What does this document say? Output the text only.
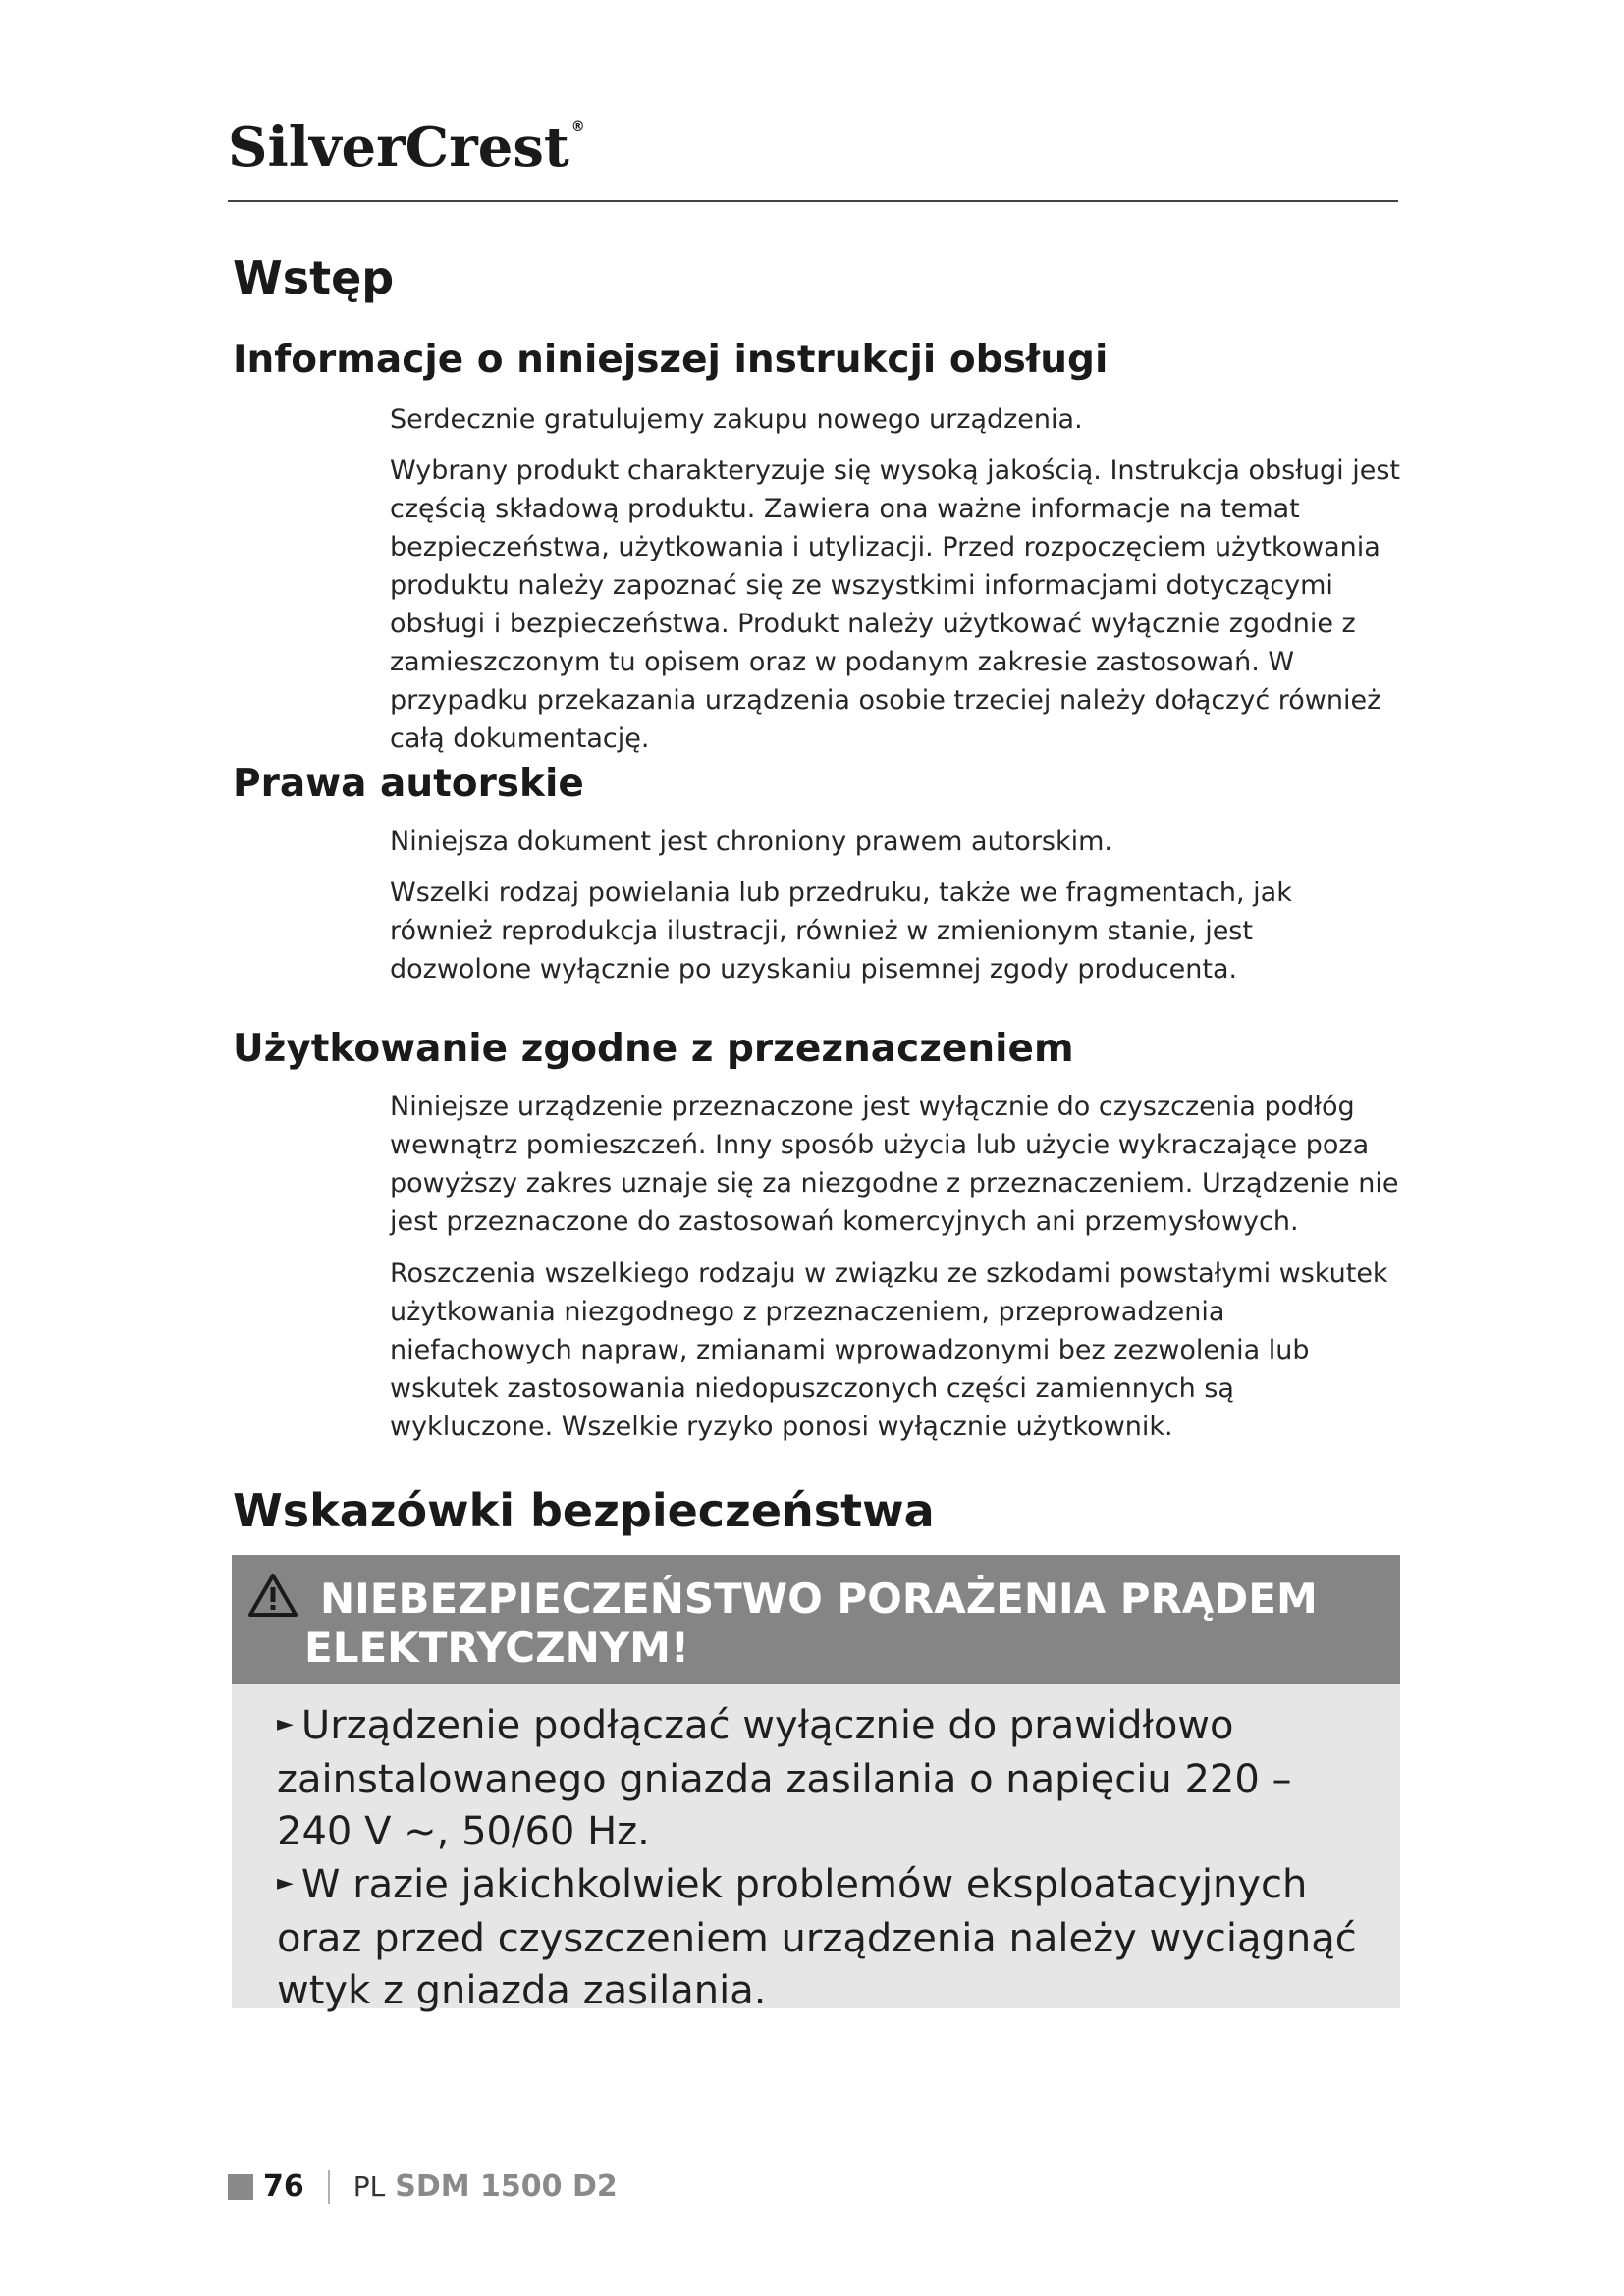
SilverCrest ®
Wstęp
Informacje o niniejszej instrukcji obsługi

Serdecznie gratulujemy zakupu nowego urządzenia.

Wybrany produkt charakteryzuje się wysoką jakością. Instrukcja obsługi jest częścią składową produktu. Zawiera ona ważne informacje na temat bezpieczeństwa, użytkowania i utylizacji. Przed rozpoczęciem użytkowania produktu należy zapoznać się ze wszystkimi informacjami dotyczącymi obsługi i bezpieczeństwa. Produkt należy użytkować wyłącznie zgodnie z zamieszczonym tu opisem oraz w podanym zakresie zastosowań. W przypadku przekazania urządzenia osobie trzeciej należy dołączyć również całą dokumentację.

Prawa autorskie

Niniejsza dokument jest chroniony prawem autorskim.

Wszelki rodzaj powielania lub przedruku, także we fragmentach, jak również reprodukcja ilustracji, również w zmienionym stanie, jest dozwolone wyłącznie po uzyskaniu pisemnej zgody producenta.

Użytkowanie zgodne z przeznaczeniem

Niniejsze urządzenie przeznaczone jest wyłącznie do czyszczenia podłóg wewnątrz pomieszczeń. Inny sposób użycia lub użycie wykraczające poza powyższy zakres uznaje się za niezgodne z przeznaczeniem. Urządzenie nie jest przeznaczone do zastosowań komercyjnych ani przemysłowych.

Roszczenia wszelkiego rodzaju w związku ze szkodami powstałymi wskutek użytkowania niezgodnego z przeznaczeniem, przeprowadzenia niefachowych napraw, zmianami wprowadzonymi bez zezwolenia lub wskutek zastosowania niedopuszczonych części zamiennych są wykluczone. Wszelkie ryzyko ponosi wyłącznie użytkownik.

Wskazówki bezpieczeństwa
NIEBEZPIECZEŃSTWO PORAŻENIA PRĄDEM
ELEKTRYCZNYM!
► Urządzenie podłączać wyłącznie do prawidłowo zainstalowanego gniazda zasilania o napięciu 220 – 240 V ~, 50/60 Hz.
► W razie jakichkolwiek problemów eksploatacyjnych oraz przed czyszczeniem urządzenia należy wyciągnąć wtyk z gniazda zasilania.
76 PL SDM 1500 D2
